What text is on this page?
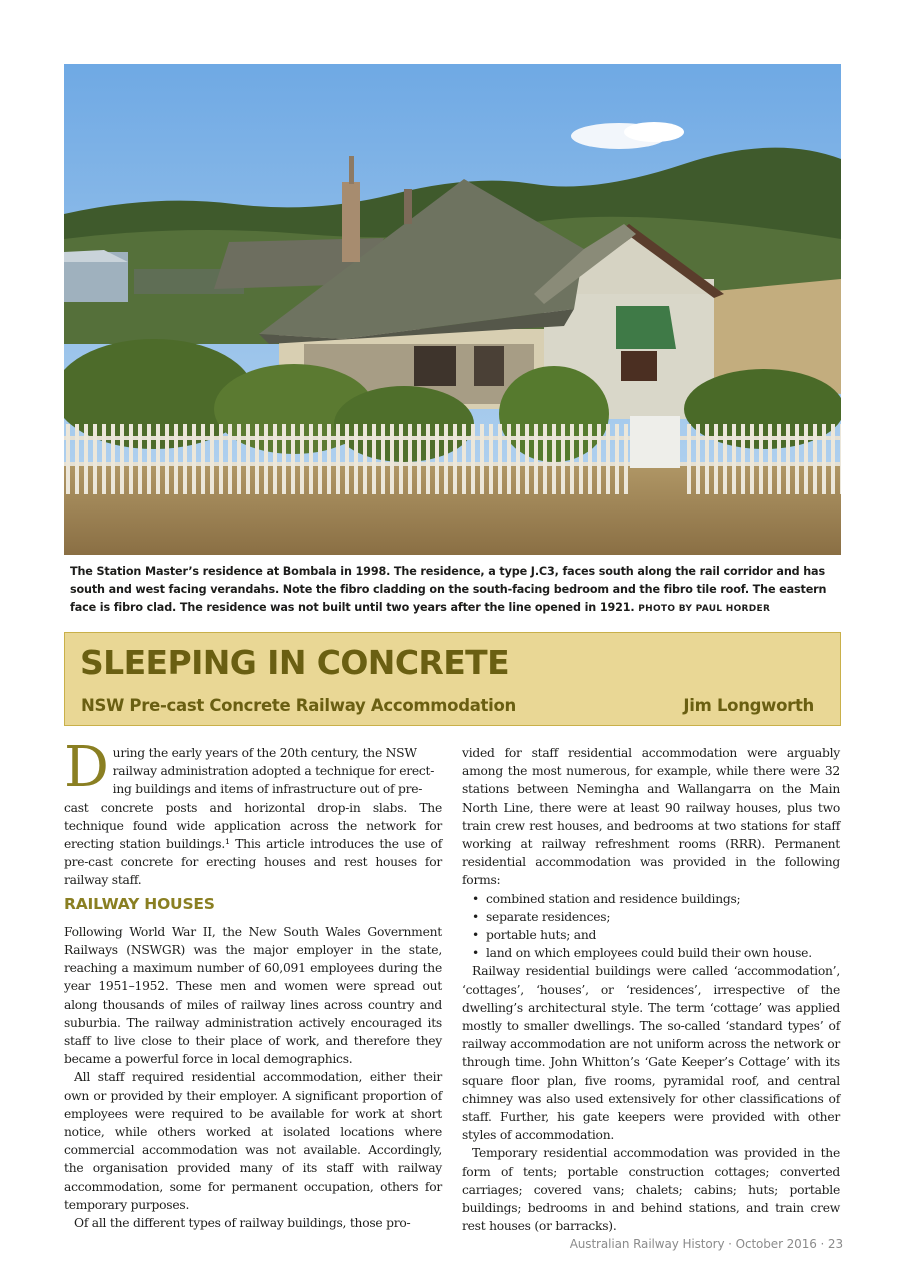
The Station Master’s residence at Bombala in 1998. The residence, a type J.C3, faces south along the rail corridor and has south and west facing verandahs. Note the fibro cladding on the south-facing bedroom and the fibro tile roof. The eastern face is fibro clad. The residence was not built until two years after the line opened in 1921. PHOTO BY PAUL HORDER
SLEEPING IN CONCRETE
NSW Pre-cast Concrete Railway Accommodation	Jim Longworth

D uring the early years of the 20th century, the NSW
railway administration adopted a technique for erect-
ing buildings and items of infrastructure out of pre-
cast concrete posts and horizontal drop-in slabs. The technique found wide application across the network for erecting station buildings.¹ This article introduces the use of pre-cast concrete for erecting houses and rest houses for railway staff.

RAILWAY HOUSES

Following World War II, the New South Wales Government Railways (NSWGR) was the major employer in the state, reaching a maximum number of 60,091 employees during the year 1951–1952. These men and women were spread out along thousands of miles of railway lines across country and suburbia. The railway administration actively encouraged its staff to live close to their place of work, and therefore they became a powerful force in local demographics.

All staff required residential accommodation, either their own or provided by their employer. A significant proportion of employees were required to be available for work at short notice, while others worked at isolated locations where commercial accommodation was not available. Accordingly, the organisation provided many of its staff with railway accommodation, some for permanent occupation, others for temporary purposes.

Of all the different types of railway buildings, those pro-

vided for staff residential accommodation were arguably among the most numerous, for example, while there were 32 stations between Nemingha and Wallangarra on the Main North Line, there were at least 90 railway houses, plus two train crew rest houses, and bedrooms at two stations for staff working at railway refreshment rooms (RRR). Permanent residential accommodation was provided in the following forms:

• combined station and residence buildings;
• separate residences;
• portable huts; and
• land on which employees could build their own house.

Railway residential buildings were called ‘accommodation’, ‘cottages’, ‘houses’, or ‘residences’, irrespective of the dwelling’s architectural style. The term ‘cottage’ was applied mostly to smaller dwellings. The so-called ‘standard types’ of railway accommodation are not uniform across the network or through time. John Whitton’s ‘Gate Keeper’s Cottage’ with its square floor plan, five rooms, pyramidal roof, and central chimney was also used extensively for other classifications of staff. Further, his gate keepers were provided with other styles of accommodation.

Temporary residential accommodation was provided in the form of tents; portable construction cottages; converted carriages; covered vans; chalets; cabins; huts; portable buildings; bedrooms in and behind stations, and train crew rest houses (or barracks).

Australian Railway History · October 2016 · 23
